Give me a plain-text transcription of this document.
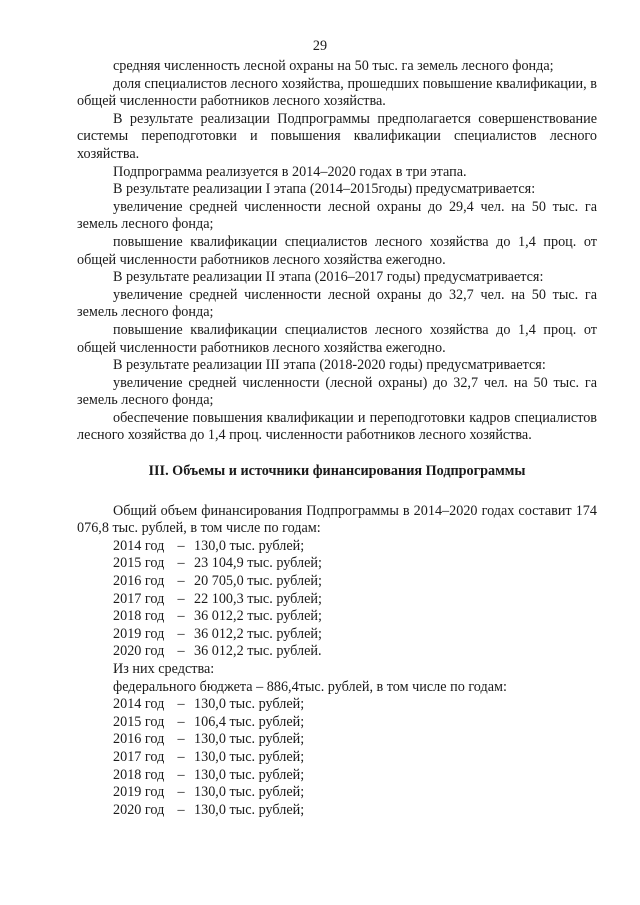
29

средняя численность лесной охраны на 50 тыс. га земель лесного фонда;

доля специалистов лесного хозяйства, прошедших повышение квалификации, в общей численности работников лесного хозяйства.

В результате реализации Подпрограммы предполагается совершенствование системы переподготовки и повышения квалификации специалистов лесного хозяйства.

Подпрограмма реализуется в 2014–2020 годах в три этапа.

В результате реализации I этапа (2014–2015годы) предусматривается:

увеличение средней численности лесной охраны до 29,4 чел. на 50 тыс. га земель лесного фонда;

повышение квалификации специалистов лесного хозяйства до 1,4 проц. от общей численности работников лесного хозяйства ежегодно.

В результате реализации II этапа (2016–2017 годы) предусматривается:

увеличение средней численности лесной охраны до 32,7 чел. на 50 тыс. га земель лесного фонда;

повышение квалификации специалистов лесного хозяйства до 1,4 проц. от общей численности работников лесного хозяйства ежегодно.

В результате реализации III этапа (2018-2020 годы) предусматривается:

увеличение средней численности (лесной охраны) до 32,7 чел. на 50 тыс. га земель лесного фонда;

обеспечение повышения квалификации и переподготовки кадров специалистов лесного хозяйства до 1,4 проц. численности работников лесного хозяйства.

III. Объемы и источники финансирования Подпрограммы

Общий объем финансирования Подпрограммы в 2014–2020 годах составит 174 076,8 тыс. рублей, в том числе по годам:

2014 год – 130,0 тыс. рублей;
2015 год – 23 104,9 тыс. рублей;
2016 год – 20 705,0 тыс. рублей;
2017 год – 22 100,3 тыс. рублей;
2018 год – 36 012,2 тыс. рублей;
2019 год – 36 012,2 тыс. рублей;
2020 год – 36 012,2 тыс. рублей.

Из них средства:

федерального бюджета – 886,4тыс. рублей, в том числе по годам:

2014 год – 130,0 тыс. рублей;
2015 год – 106,4 тыс. рублей;
2016 год – 130,0 тыс. рублей;
2017 год – 130,0 тыс. рублей;
2018 год – 130,0 тыс. рублей;
2019 год – 130,0 тыс. рублей;
2020 год – 130,0 тыс. рублей;
